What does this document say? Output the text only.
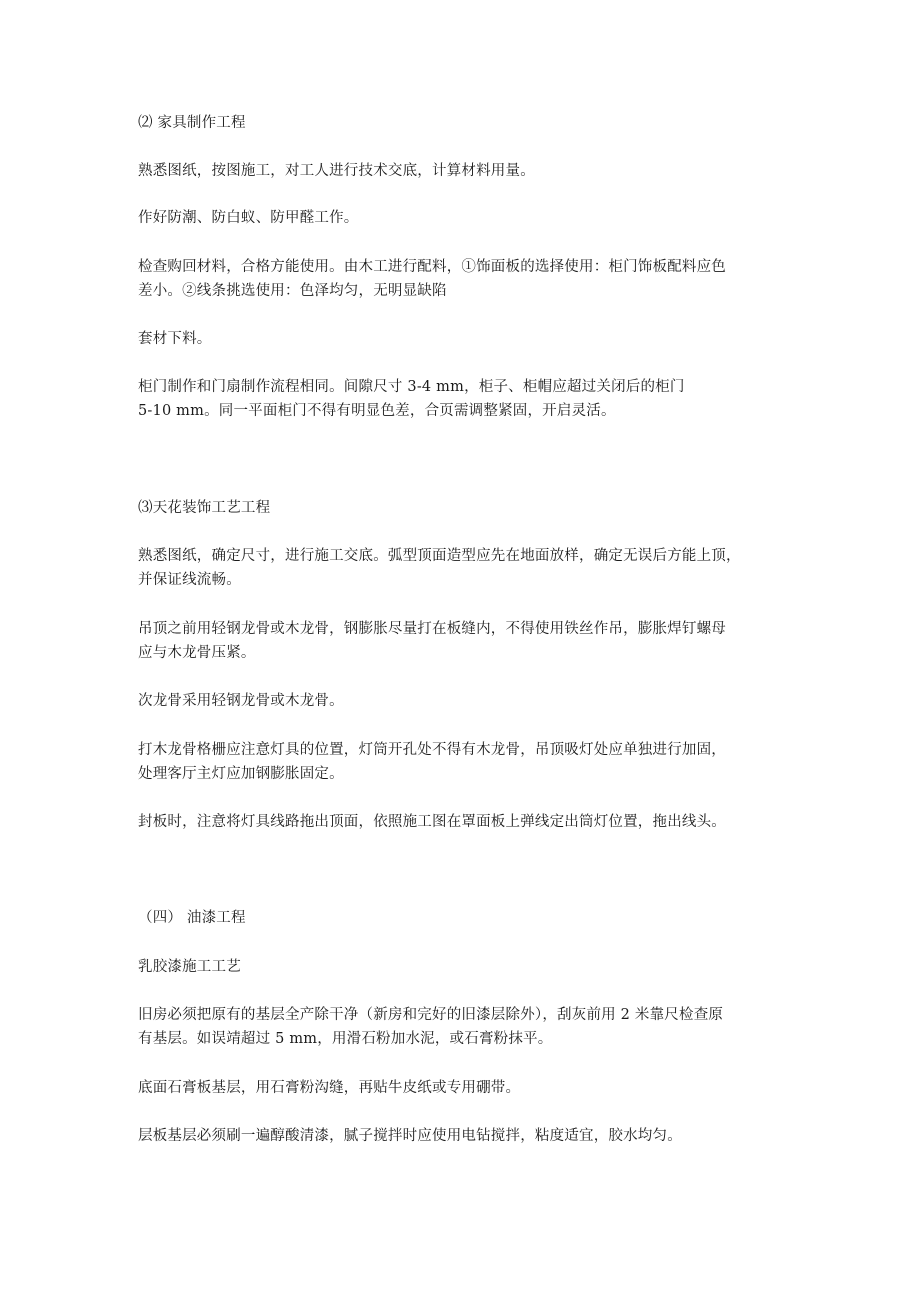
⑵ 家具制作工程

熟悉图纸，按图施工，对工人进行技术交底，计算材料用量。

作好防潮、防白蚁、防甲醛工作。

检查购回材料，合格方能使用。由木工进行配料，①饰面板的选择使用：柜门饰板配料应色
差小。②线条挑选使用：色泽均匀，无明显缺陷

套材下料。

柜门制作和门扇制作流程相同。间隙尺寸 3-4 mm，柜子、柜帽应超过关闭后的柜门
5-10 mm。同一平面柜门不得有明显色差，合页需调整紧固，开启灵活。

⑶天花装饰工艺工程

熟悉图纸，确定尺寸，进行施工交底。弧型顶面造型应先在地面放样，确定无误后方能上顶，
并保证线流畅。

吊顶之前用轻钢龙骨或木龙骨，钢膨胀尽量打在板缝内，不得使用铁丝作吊，膨胀焊钉螺母
应与木龙骨压紧。

次龙骨采用轻钢龙骨或木龙骨。

打木龙骨格栅应注意灯具的位置，灯筒开孔处不得有木龙骨，吊顶吸灯处应单独进行加固，
处理客厅主灯应加钢膨胀固定。

封板时，注意将灯具线路拖出顶面，依照施工图在罩面板上弹线定出筒灯位置，拖出线头。

（四） 油漆工程

乳胶漆施工工艺

旧房必须把原有的基层全产除干净（新房和完好的旧漆层除外），刮灰前用 2 米靠尺检查原
有基层。如误靖超过 5 mm，用滑石粉加水泥，或石膏粉抹平。

底面石膏板基层，用石膏粉沟缝，再贴牛皮纸或专用硼带。

层板基层必须刷一遍醇酸清漆，腻子搅拌时应使用电钻搅拌，粘度适宜，胶水均匀。
